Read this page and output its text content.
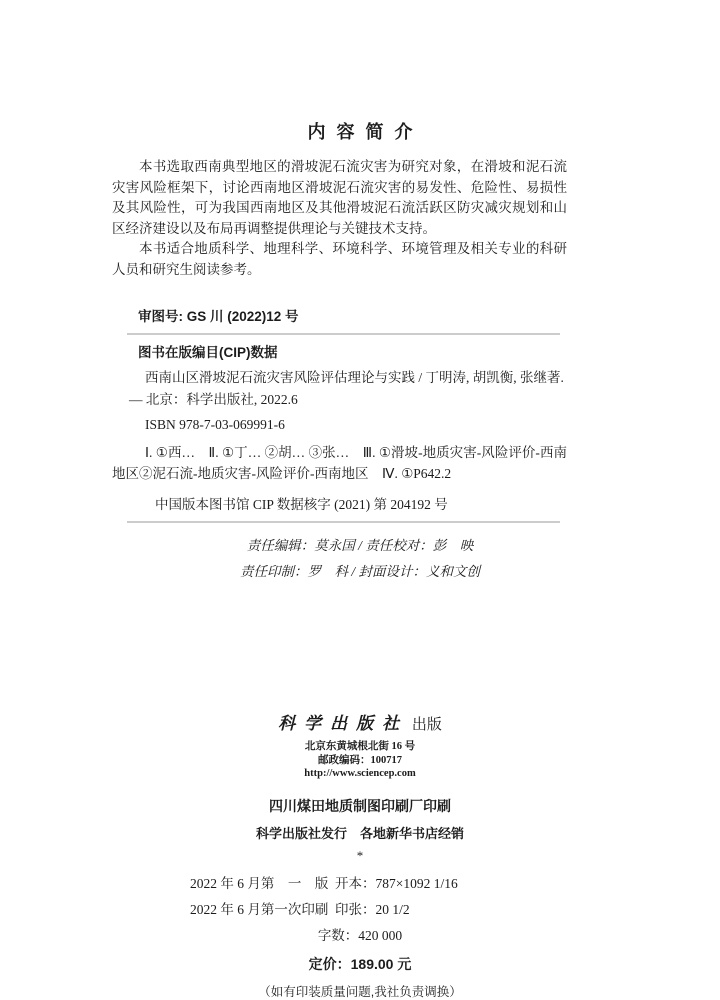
内容简介

本书选取西南典型地区的滑坡泥石流灾害为研究对象，在滑坡和泥石流灾害风险框架下，讨论西南地区滑坡泥石流灾害的易发性、危险性、易损性及其风险性，可为我国西南地区及其他滑坡泥石流活跃区防灾减灾规划和山区经济建设以及布局再调整提供理论与关键技术支持。

本书适合地质科学、地理科学、环境科学、环境管理及相关专业的科研人员和研究生阅读参考。

审图号: GS 川 (2022)12 号
图书在版编目(CIP)数据
西南山区滑坡泥石流灾害风险评估理论与实践 / 丁明涛, 胡凯衡, 张继著.
— 北京：科学出版社, 2022.6
ISBN 978-7-03-069991-6
Ⅰ. ①西…　Ⅱ. ①丁… ②胡… ③张…　Ⅲ. ①滑坡-地质灾害-风险评价-西南地区②泥石流-地质灾害-风险评价-西南地区　Ⅳ. ①P642.2
中国版本图书馆 CIP 数据核字 (2021) 第 204192 号
责任编辑：莫永国 / 责任校对：彭　映
责任印制：罗　科 / 封面设计：义和文创
科学出版社 出版
北京东黄城根北街 16 号
邮政编码：100717
http://www.sciencep.com
四川煤田地质制图印刷厂印刷
科学出版社发行　各地新华书店经销
*
2022 年 6 月第　一　版 开本：787×1092 1/16
2022 年 6 月第一次印刷 印张：20 1/2
字数：420 000
定价：189.00 元
（如有印装质量问题,我社负责调换）
